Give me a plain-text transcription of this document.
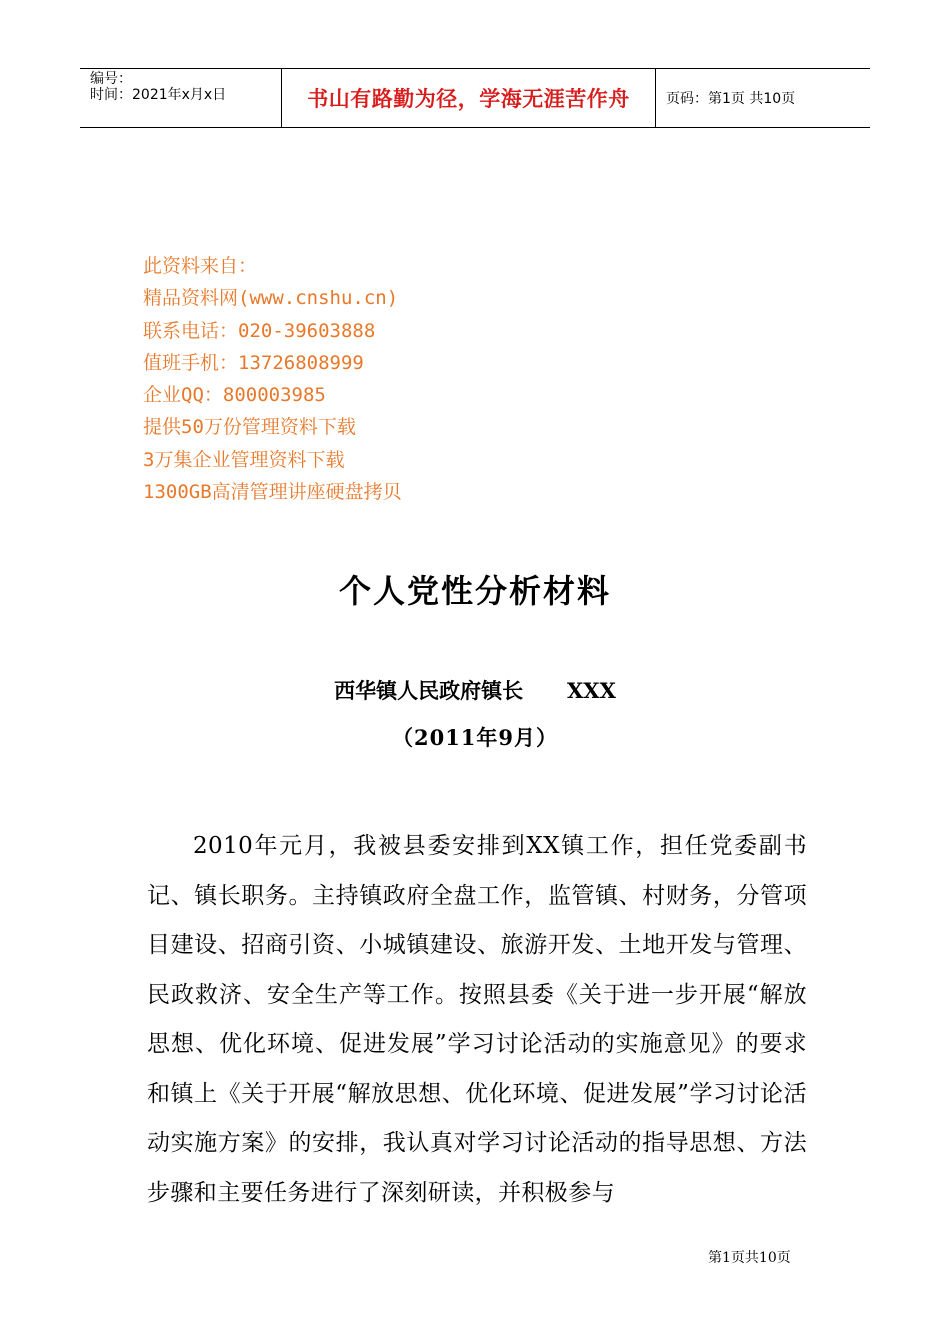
编号：
时间：2021年x月x日	书山有路勤为径，学海无涯苦作舟	页码：第1页 共10页
此资料来自：
精品资料网(www.cnshu.cn)
联系电话：020-39603888
值班手机：13726808999
企业QQ：800003985
提供50万份管理资料下载
3万集企业管理资料下载
1300GB高清管理讲座硬盘拷贝
个人党性分析材料
西华镇人民政府镇长      XXX
（2011年9月）
2010年元月，我被县委安排到XX镇工作，担任党委副书记、镇长职务。主持镇政府全盘工作，监管镇、村财务，分管项目建设、招商引资、小城镇建设、旅游开发、土地开发与管理、民政救济、安全生产等工作。按照县委《关于进一步开展“解放思想、优化环境、促进发展”学习讨论活动的实施意见》的要求和镇上《关于开展“解放思想、优化环境、促进发展”学习讨论活动实施方案》的安排，我认真对学习讨论活动的指导思想、方法步骤和主要任务进行了深刻研读，并积极参与
第1页共10页
